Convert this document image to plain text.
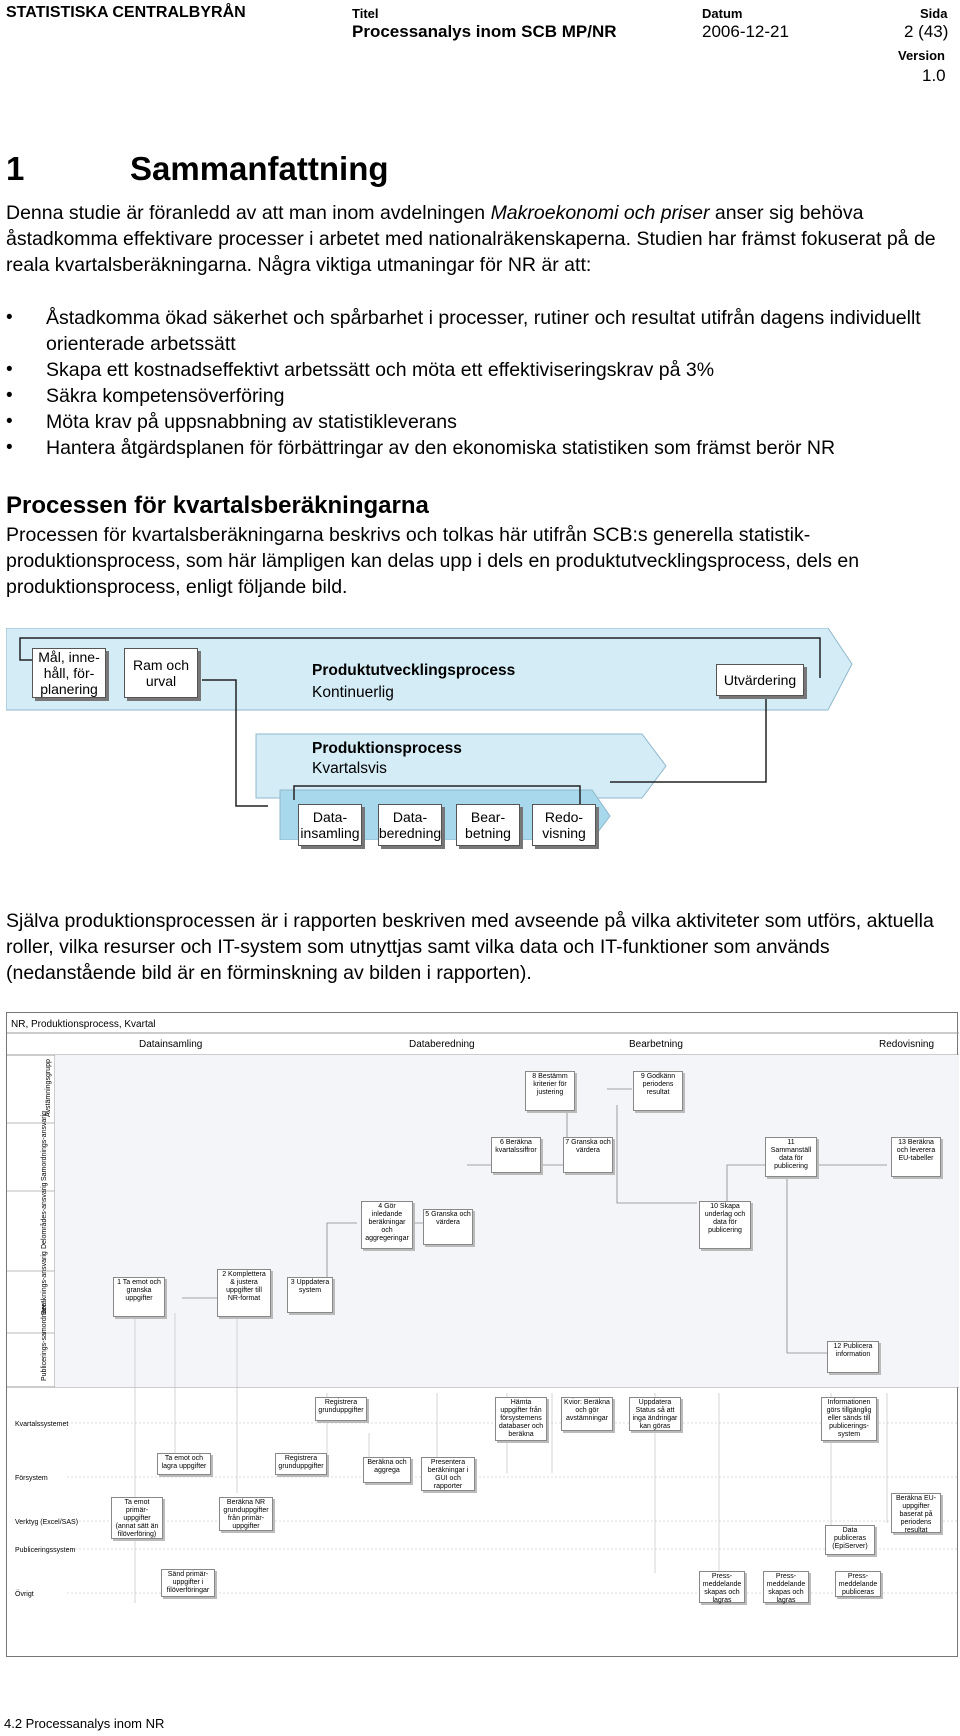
STATISTISKA CENTRALBYRÅN	Titel
Processanalys inom SCB MP/NR
Datum
2006-12-21
Sida
2 (43)
Version
1.0
1	Sammanfattning

Denna studie är föranledd av att man inom avdelningen Makroekonomi och priser anser sig behöva åstadkomma effektivare processer i arbetet med nationalräkenskaperna. Studien har främst fokuserat på de reala kvartalsberäkningarna. Några viktiga utmaningar för NR är att:

• Åstadkomma ökad säkerhet och spårbarhet i processer, rutiner och resultat utifrån dagens individuellt orienterade arbetssätt
• Skapa ett kostnadseffektivt arbetssätt och möta ett effektiviseringskrav på 3%
• Säkra kompetensöverföring
• Möta krav på uppsnabbning av statistikleverans
• Hantera åtgärdsplanen för förbättringar av den ekonomiska statistiken som främst berör NR
Processen för kvartalsberäkningarna

Processen för kvartalsberäkningarna beskrivs och tolkas här utifrån SCB:s generella statistik-produktionsprocess, som här lämpligen kan delas upp i dels en produktutvecklingsprocess, dels en produktionsprocess, enligt följande bild.

Mål, inne-håll, för-planering
Ram och urval
Produktutvecklingsprocess
Kontinuerlig
Utvärdering
Produktionsprocess
Kvartalsvis
Data-insamling
Data-beredning
Bear-betning
Redo-visning

Själva produktionsprocessen är i rapporten beskriven med avseende på vilka aktiviteter som utförs, aktuella roller, vilka resurser och IT-system som utnyttjas samt vilka data och IT-funktioner som används (nedanstående bild är en förminskning av bilden i rapporten).

NR, Produktionsprocess, Kvartal
Datainsamling	Databeredning	Bearbetning	Redovisning
Avstämningsgrupp
Samordnings-ansvarig
Delområdes-ansvarig
Beräknings-ansvarig
Publicerings-samordnare
8 Bestämm kriterier för justering
9 Godkänn periodens resultat
6 Beräkna kvartalssiffror
7 Granska och värdera
11 Sammanställ data för publicering
13 Beräkna och leverera EU-tabeller
4 Gör inledande beräkningar och aggregeringar
5 Granska och värdera
10 Skapa underlag och data för publicering
1 Ta emot och granska uppgifter
2 Komplettera & justera uppgifter till NR-format
3 Uppdatera system
12 Publicera information
Kvartalssystemet
Försystem
Verktyg (Excel/SAS)
Publiceringssystem
Övrigt
Registrera grunduppgifter
Hämta uppgifter från försystemens databaser och beräkna
Kvior: Beräkna och gör avstämningar
Uppdatera Status så att inga ändringar kan göras
Informationen görs tillgänglig eller sänds till publicerings-system
Ta emot och lagra uppgifter
Registrera grunduppgifter
Beräkna och aggrega
Presentera beräkningar i GUI och rapporter
Ta emot primär-uppgifter (annat sätt än filöverföring)
Beräkna NR grunduppgifter från primär-uppgifter
Beräkna EU-uppgifter baserat på periodens resultat
Data publiceras (EpiServer)
Sänd primär-uppgifter i filöverföringar
Press-meddelande skapas och lagras
Press-meddelande skapas och lagras
Press-meddelande publiceras
4.2 Processanalys inom NR
